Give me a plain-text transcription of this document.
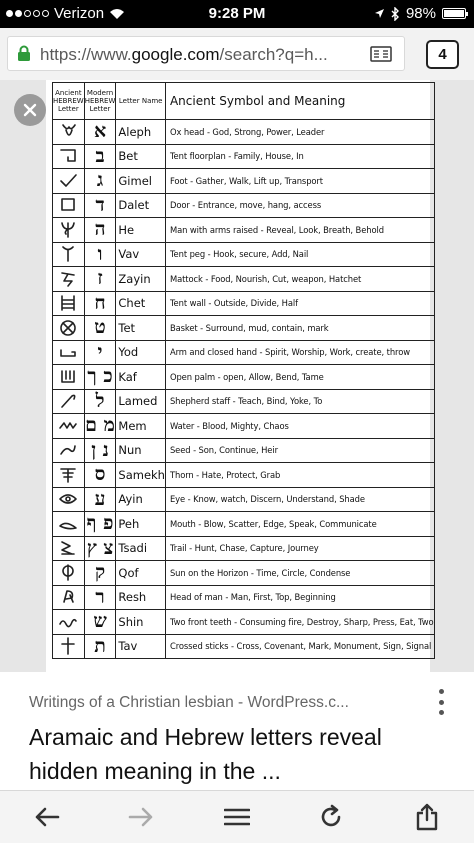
Verizon	9:28 PM	98%
https://www.google.com/search?q=h...	4
Ancient HEBREW Letter	Modern HEBREW Letter	Letter Name	Ancient Symbol and Meaning

	א	Aleph	Ox head - God, Strong, Power, Leader

	ב	Bet	Tent floorplan - Family, House, In

	ג	Gimel	Foot - Gather, Walk, Lift up, Transport

	ד	Dalet	Door - Entrance, move, hang, access

	ה	He	Man with arms raised - Reveal, Look, Breath, Behold

	ו	Vav	Tent peg - Hook, secure, Add, Nail

	ז	Zayin	Mattock - Food, Nourish, Cut, weapon, Hatchet

	ח	Chet	Tent wall - Outside, Divide, Half

	ט	Tet	Basket - Surround, mud, contain, mark

	י	Yod	Arm and closed hand - Spirit, Worship, Work, create, throw

	כ ך	Kaf	Open palm - open, Allow, Bend, Tame

	ל	Lamed	Shepherd staff - Teach, Bind, Yoke, To

	מ ם	Mem	Water - Blood, Mighty, Chaos

	נ ן	Nun	Seed - Son, Continue, Heir

	ס	Samekh	Thorn - Hate, Protect, Grab

	ע	Ayin	Eye - Know, watch, Discern, Understand, Shade

	פ ף	Peh	Mouth - Blow, Scatter, Edge, Speak, Communicate

	צ ץ	Tsadi	Trail - Hunt, Chase, Capture, Journey

	ק	Qof	Sun on the Horizon - Time, Circle, Condense

	ר	Resh	Head of man - Man, First, Top, Beginning

	ש	Shin	Two front teeth - Consuming fire, Destroy, Sharp, Press, Eat, Two

	ת	Tav	Crossed sticks - Cross, Covenant, Mark, Monument, Sign, Signal
Writings of a Christian lesbian - WordPress.c...
Aramaic and Hebrew letters reveal hidden meaning in the ...
